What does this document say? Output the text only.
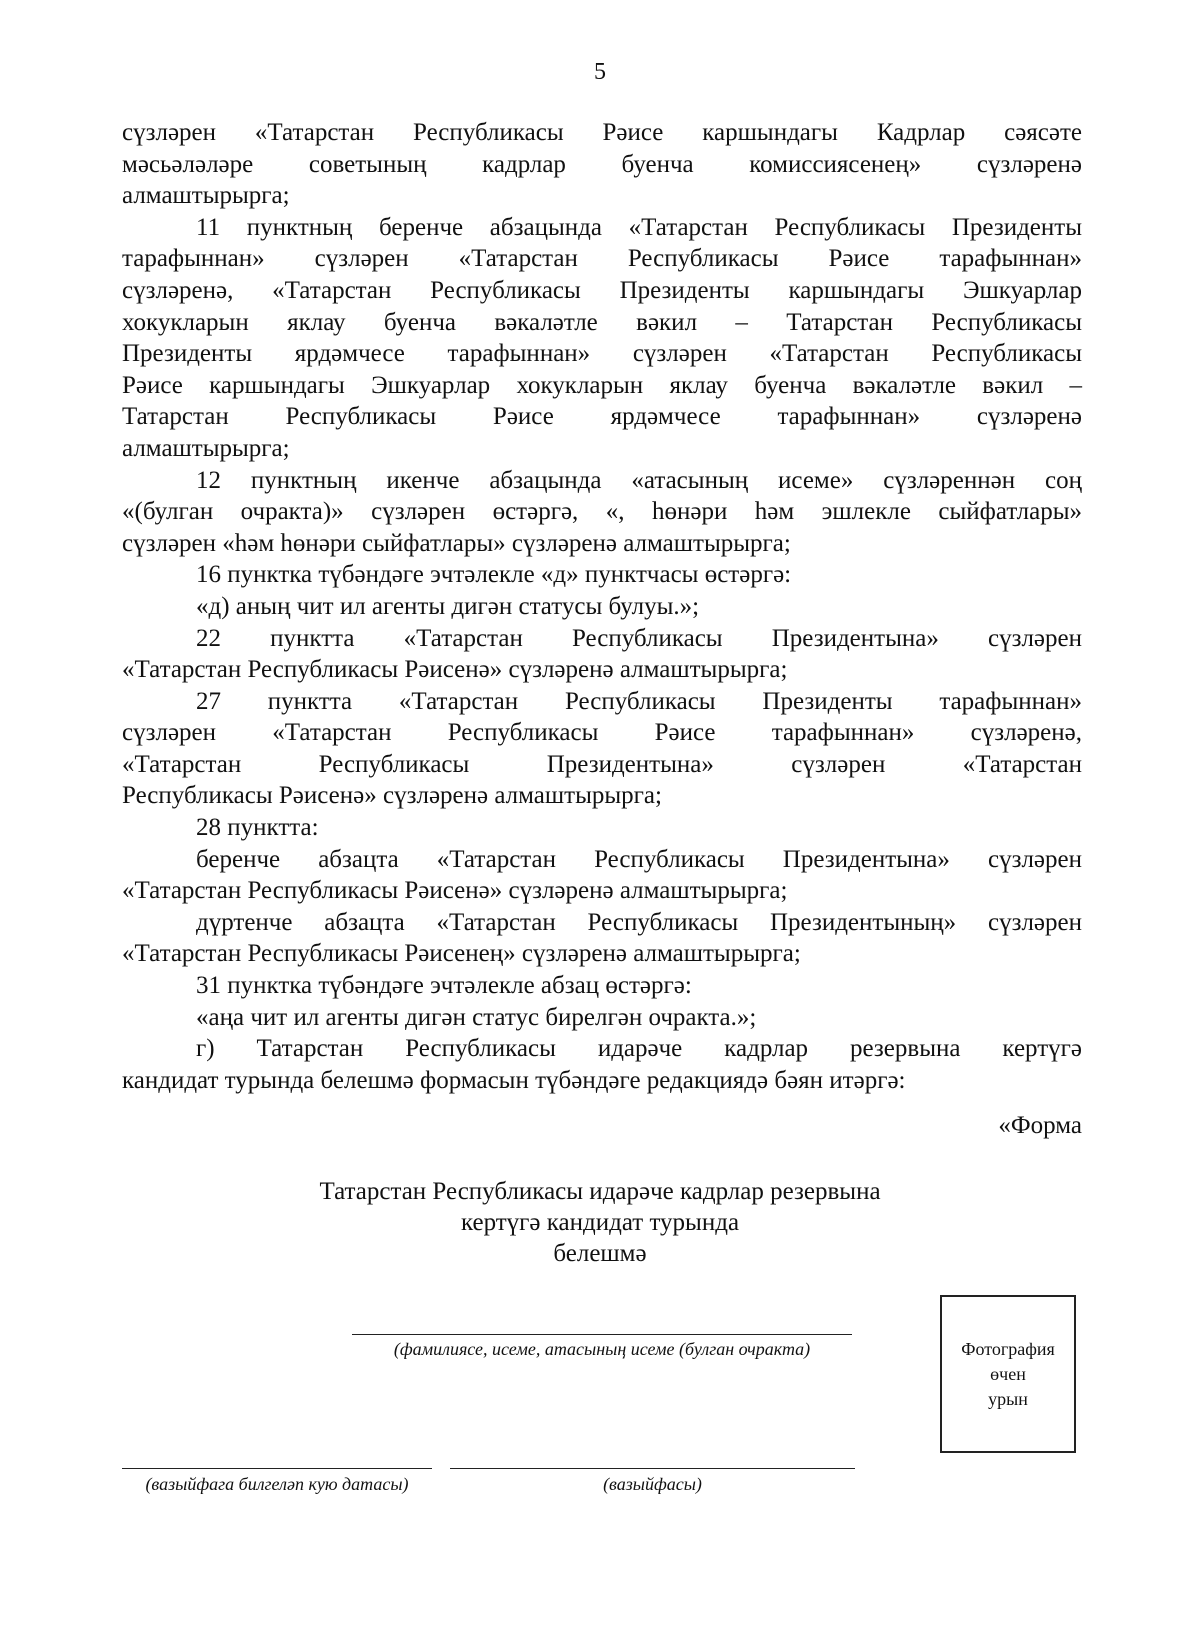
5
сүзләрен «Татарстан Республикасы Рәисе каршындагы Кадрлар сәясәте
мәсьәләләре советының кадрлар буенча комиссиясенең» сүзләренә
алмаштырырга;
11 пунктның беренче абзацында «Татарстан Республикасы Президенты
тарафыннан» сүзләрен «Татарстан Республикасы Рәисе тарафыннан»
сүзләренә, «Татарстан Республикасы Президенты каршындагы Эшкуарлар
хокукларын яклау буенча вәкаләтле вәкил – Татарстан Республикасы
Президенты ярдәмчесе тарафыннан» сүзләрен «Татарстан Республикасы
Рәисе каршындагы Эшкуарлар хокукларын яклау буенча вәкаләтле вәкил –
Татарстан Республикасы Рәисе ярдәмчесе тарафыннан» сүзләренә
алмаштырырга;
12 пунктның икенче абзацында «атасының исеме» сүзләреннән соң
«(булган очракта)» сүзләрен өстәргә, «, һөнәри һәм эшлекле сыйфатлары»
сүзләрен «һәм һөнәри сыйфатлары» сүзләренә алмаштырырга;
16 пунктка түбәндәге эчтәлекле «д» пунктчасы өстәргә:
«д) аның чит ил агенты дигән статусы булуы.»;
22 пунктта «Татарстан Республикасы Президентына» сүзләрен
«Татарстан Республикасы Рәисенә» сүзләренә алмаштырырга;
27 пунктта «Татарстан Республикасы Президенты тарафыннан»
сүзләрен «Татарстан Республикасы Рәисе тарафыннан» сүзләренә,
«Татарстан Республикасы Президентына» сүзләрен «Татарстан
Республикасы Рәисенә» сүзләренә алмаштырырга;
28 пунктта:
беренче абзацта «Татарстан Республикасы Президентына» сүзләрен
«Татарстан Республикасы Рәисенә» сүзләренә алмаштырырга;
дүртенче абзацта «Татарстан Республикасы Президентының» сүзләрен
«Татарстан Республикасы Рәисенең» сүзләренә алмаштырырга;
31 пунктка түбәндәге эчтәлекле абзац өстәргә:
«аңа чит ил агенты дигән статус бирелгән очракта.»;
г) Татарстан Республикасы идарәче кадрлар резервына кертүгә
кандидат турында белешмә формасын түбәндәге редакциядә бәян итәргә:
«Форма
Татарстан Республикасы идарәче кадрлар резервына
кертүгә кандидат турында
белешмә
(фамилиясе, исеме, атасының исеме (булган очракта)	Фотография
өчен
урын
(вазыйфага билгеләп кую датасы)	(вазыйфасы)
